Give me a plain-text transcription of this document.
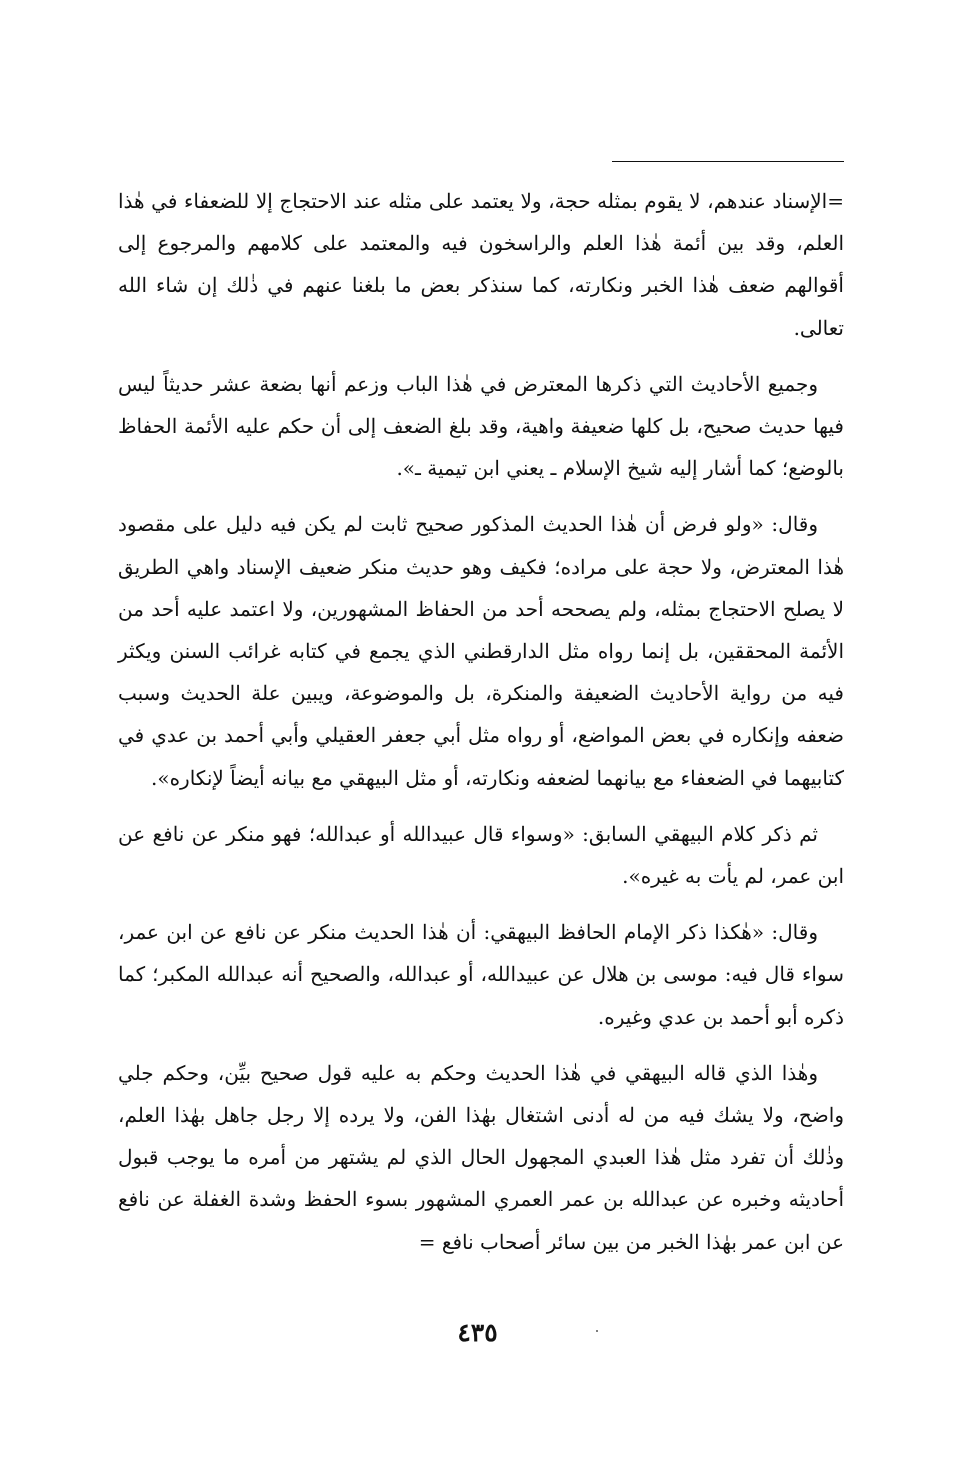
=الإسناد عندهم، لا يقوم بمثله حجة، ولا يعتمد على مثله عند الاحتجاج إلا للضعفاء في هٰذا العلم، وقد بين أئمة هٰذا العلم والراسخون فيه والمعتمد على كلامهم والمرجوع إلى أقوالهم ضعف هٰذا الخبر ونكارته، كما سنذكر بعض ما بلغنا عنهم في ذٰلك إن شاء الله تعالى.

وجميع الأحاديث التي ذكرها المعترض في هٰذا الباب وزعم أنها بضعة عشر حديثاً ليس فيها حديث صحيح، بل كلها ضعيفة واهية، وقد بلغ الضعف إلى أن حكم عليه الأئمة الحفاظ بالوضع؛ كما أشار إليه شيخ الإسلام ـ يعني ابن تيمية ـ».

وقال: «ولو فرض أن هٰذا الحديث المذكور صحيح ثابت لم يكن فيه دليل على مقصود هٰذا المعترض، ولا حجة على مراده؛ فكيف وهو حديث منكر ضعيف الإسناد واهي الطريق لا يصلح الاحتجاج بمثله، ولم يصححه أحد من الحفاظ المشهورين، ولا اعتمد عليه أحد من الأئمة المحققين، بل إنما رواه مثل الدارقطني الذي يجمع في كتابه غرائب السنن ويكثر فيه من رواية الأحاديث الضعيفة والمنكرة، بل والموضوعة، ويبين علة الحديث وسبب ضعفه وإنكاره في بعض المواضع، أو رواه مثل أبي جعفر العقيلي وأبي أحمد بن عدي في كتابيهما في الضعفاء مع بيانهما لضعفه ونكارته، أو مثل البيهقي مع بيانه أيضاً لإنكاره».

ثم ذكر كلام البيهقي السابق: «وسواء قال عبيدالله أو عبدالله؛ فهو منكر عن نافع عن ابن عمر، لم يأت به غيره».

وقال: «هٰكذا ذكر الإمام الحافظ البيهقي: أن هٰذا الحديث منكر عن نافع عن ابن عمر، سواء قال فيه: موسى بن هلال عن عبيدالله، أو عبدالله، والصحيح أنه عبدالله المكبر؛ كما ذكره أبو أحمد بن عدي وغيره.

وهٰذا الذي قاله البيهقي في هٰذا الحديث وحكم به عليه قول صحيح بيِّن، وحكم جلي واضح، ولا يشك فيه من له أدنى اشتغال بهٰذا الفن، ولا يرده إلا رجل جاهل بهٰذا العلم، وذٰلك أن تفرد مثل هٰذا العبدي المجهول الحال الذي لم يشتهر من أمره ما يوجب قبول أحاديثه وخبره عن عبدالله بن عمر العمري المشهور بسوء الحفظ وشدة الغفلة عن نافع عن ابن عمر بهٰذا الخبر من بين سائر أصحاب نافع =

٤٣٥
